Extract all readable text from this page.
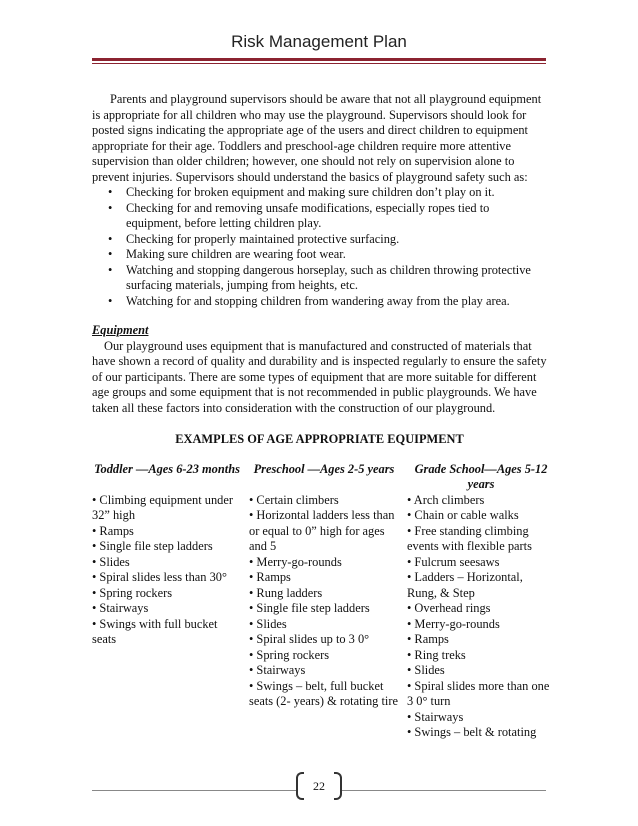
Risk Management Plan

Parents and playground supervisors should be aware that not all playground equipment is appropriate for all children who may use the playground. Supervisors should look for posted signs indicating the appropriate age of the users and direct children to equipment appropriate for their age. Toddlers and preschool-age children require more attentive supervision than older children; however, one should not rely on supervision alone to prevent injuries. Supervisors should understand the basics of playground safety such as:

• Checking for broken equipment and making sure children don’t play on it.
• Checking for and removing unsafe modifications, especially ropes tied to equipment, before letting children play.
• Checking for properly maintained protective surfacing.
• Making sure children are wearing foot wear.
• Watching and stopping dangerous horseplay, such as children throwing protective surfacing materials, jumping from heights, etc.
• Watching for and stopping children from wandering away from the play area.

Equipment

Our playground uses equipment that is manufactured and constructed of materials that have shown a record of quality and durability and is inspected regularly to ensure the safety of our participants. There are some types of equipment that are more suitable for different age groups and some equipment that is not recommended in public playgrounds. We have taken all these factors into consideration with the construction of our playground.

EXAMPLES OF AGE APPROPRIATE EQUIPMENT

Toddler —Ages 6-23 months
• Climbing equipment under 32” high
• Ramps
• Single file step ladders
• Slides
• Spiral slides less than 30°
• Spring rockers
• Stairways
• Swings with full bucket seats
Preschool —Ages 2-5 years
• Certain climbers
• Horizontal ladders less than or equal to 0” high for ages and 5
• Merry-go-rounds
• Ramps
• Rung ladders
• Single file step ladders
• Slides
• Spiral slides up to 3 0°
• Spring rockers
• Stairways
• Swings – belt, full bucket seats (2- years) & rotating tire
Grade School—Ages 5-12 years
• Arch climbers
• Chain or cable walks
• Free standing climbing events with flexible parts
• Fulcrum seesaws
• Ladders – Horizontal, Rung, & Step
• Overhead rings
• Merry-go-rounds
• Ramps
• Ring treks
• Slides
• Spiral slides more than one 3 0° turn
• Stairways
• Swings – belt & rotating
22
